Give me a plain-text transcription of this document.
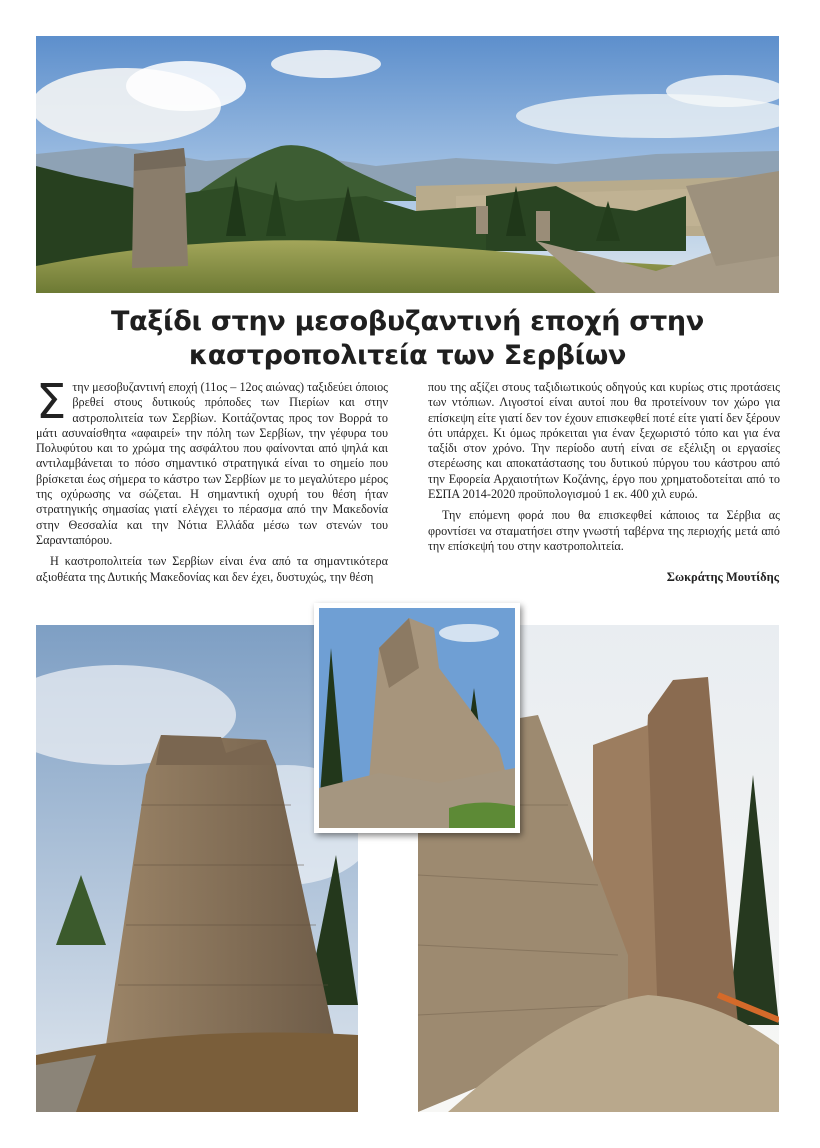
Ταξίδι στην μεσοβυζαντινή εποχή στην
καστροπολιτεία των Σερβίων

Στην μεσοβυζαντινή εποχή (11ος – 12ος αιώνας) ταξιδεύει όποιος βρεθεί στους δυτικούς πρόποδες των Πιερίων και στην αστροπολιτεία των Σερβίων. Κοιτάζοντας προς τον Βορρά το μάτι ασυναίσθητα «αφαιρεί» την πόλη των Σερβίων, την γέφυρα του Πολυφύτου και το χρώμα της ασφάλτου που φαίνονται από ψηλά και αντιλαμβάνεται το πόσο σημαντικό στρατηγικά είναι το σημείο που βρίσκεται έως σήμερα το κάστρο των Σερβίων με το μεγαλύτερο μέρος της οχύρωσης να σώζεται. Η σημαντική οχυρή του θέση ήταν στρατηγικής σημασίας γιατί ελέγχει το πέρασμα από την Μακεδονία στην Θεσσαλία και την Νότια Ελλάδα μέσω των στενών του Σαρανταπόρου.

Η καστροπολιτεία των Σερβίων είναι ένα από τα σημαντικότερα αξιοθέατα της Δυτικής Μακεδονίας και δεν έχει, δυστυχώς, την θέση

που της αξίζει στους ταξιδιωτικούς οδηγούς και κυρίως στις προτάσεις των ντόπιων. Λιγοστοί είναι αυτοί που θα προτείνουν τον χώρο για επίσκεψη είτε γιατί δεν τον έχουν επισκεφθεί ποτέ είτε γιατί δεν ξέρουν ότι υπάρχει. Κι όμως πρόκειται για έναν ξεχωριστό τόπο και για ένα ταξίδι στον χρόνο. Την περίοδο αυτή είναι σε εξέλιξη οι εργασίες στερέωσης και αποκατάστασης του δυτικού πύργου του κάστρου από την Εφορεία Αρχαιοτήτων Κοζάνης, έργο που χρηματοδοτείται από το ΕΣΠΑ 2014-2020 προϋπολογισμού 1 εκ. 400 χιλ ευρώ.

Την επόμενη φορά που θα επισκεφθεί κάποιος τα Σέρβια ας φροντίσει να σταματήσει στην γνωστή ταβέρνα της περιοχής μετά από την επίσκεψή του στην καστροπολιτεία.

Σωκράτης Μουτίδης
